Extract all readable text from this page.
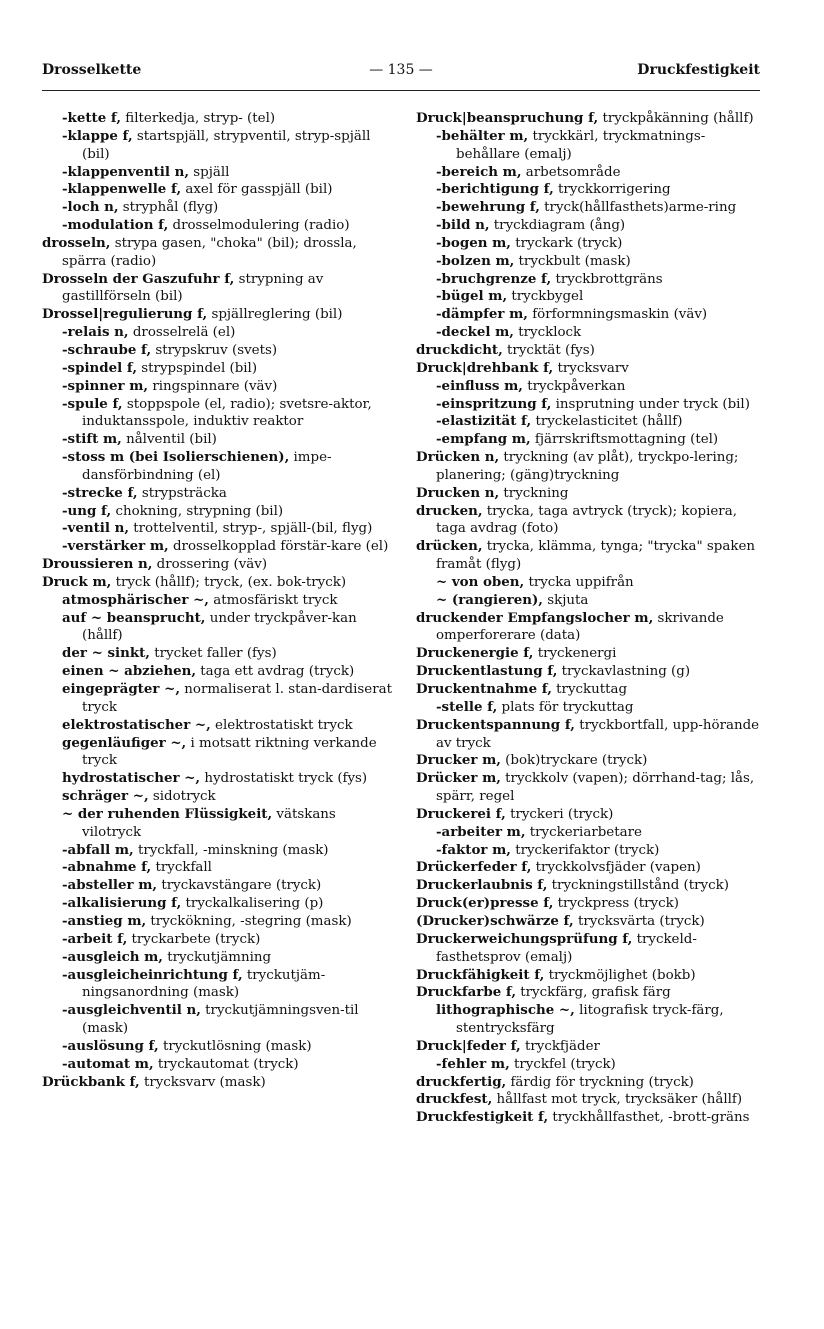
Drosselkette	— 135 —	Druckfestigkeit

-kette f, filterkedja, stryp- (tel)

-klappe f, startspjäll, strypventil, stryp-spjäll (bil)

-klappenventil n, spjäll

-klappenwelle f, axel för gasspjäll (bil)

-loch n, stryphål (flyg)

-modulation f, drosselmodulering (radio)

drosseln, strypa gasen, "choka" (bil); drossla, spärra (radio)

Drosseln der Gaszufuhr f, strypning av gastillförseln (bil)

Drossel|regulierung f, spjällreglering (bil)

-relais n, drosselrelä (el)

-schraube f, strypskruv (svets)

-spindel f, strypspindel (bil)

-spinner m, ringspinnare (väv)

-spule f, stoppspole (el, radio); svetsre-aktor, induktansspole, induktiv reaktor

-stift m, nålventil (bil)

-stoss m (bei Isolierschienen), impe-dansförbindning (el)

-strecke f, strypsträcka

-ung f, chokning, strypning (bil)

-ventil n, trottelventil, stryp-, spjäll-(bil, flyg)

-verstärker m, drosselkopplad förstär-kare (el)

Droussieren n, drossering (väv)

Druck m, tryck (hållf); tryck, (ex. bok-tryck)

atmosphärischer ~, atmosfäriskt tryck

auf ~ beansprucht, under tryckpåver-kan (hållf)

der ~ sinkt, trycket faller (fys)

einen ~ abziehen, taga ett avdrag (tryck)

eingeprägter ~, normaliserat l. stan-dardiserat tryck

elektrostatischer ~, elektrostatiskt tryck

gegenläufiger ~, i motsatt riktning verkande tryck

hydrostatischer ~, hydrostatiskt tryck (fys)

schräger ~, sidotryck

~ der ruhenden Flüssigkeit, vätskans vilotryck

-abfall m, tryckfall, -minskning (mask)

-abnahme f, tryckfall

-absteller m, tryckavstängare (tryck)

-alkalisierung f, tryckalkalisering (p)

-anstieg m, tryckökning, -stegring (mask)

-arbeit f, tryckarbete (tryck)

-ausgleich m, tryckutjämning

-ausgleicheinrichtung f, tryckutjäm-ningsanordning (mask)

-ausgleichventil n, tryckutjämningsven-til (mask)

-auslösung f, tryckutlösning (mask)

-automat m, tryckautomat (tryck)

Drückbank f, trycksvarv (mask)

Druck|beanspruchung f, tryckpåkänning (hållf)

-behälter m, tryckkärl, tryckmatnings-behållare (emalj)

-bereich m, arbetsområde

-berichtigung f, tryckkorrigering

-bewehrung f, tryck(hållfasthets)arme-ring

-bild n, tryckdiagram (ång)

-bogen m, tryckark (tryck)

-bolzen m, tryckbult (mask)

-bruchgrenze f, tryckbrottgräns

-bügel m, tryckbygel

-dämpfer m, förformningsmaskin (väv)

-deckel m, trycklock

druckdicht, trycktät (fys)

Druck|drehbank f, trycksvarv

-einfluss m, tryckpåverkan

-einspritzung f, insprutning under tryck (bil)

-elastizität f, tryckelasticitet (hållf)

-empfang m, fjärrskriftsmottagning (tel)

Drücken n, tryckning (av plåt), tryckpo-lering; planering; (gäng)tryckning

Drucken n, tryckning

drucken, trycka, taga avtryck (tryck); kopiera, taga avdrag (foto)

drücken, trycka, klämma, tynga; "trycka" spaken framåt (flyg)

~ von oben, trycka uppifrån

~ (rangieren), skjuta

druckender Empfangslocher m, skrivande omperforerare (data)

Druckenergie f, tryckenergi

Druckentlastung f, tryckavlastning (g)

Druckentnahme f, tryckuttag

-stelle f, plats för tryckuttag

Druckentspannung f, tryckbortfall, upp-hörande av tryck

Drucker m, (bok)tryckare (tryck)

Drücker m, tryckkolv (vapen); dörrhand-tag; lås, spärr, regel

Druckerei f, tryckeri (tryck)

-arbeiter m, tryckeriarbetare

-faktor m, tryckerifaktor (tryck)

Drückerfeder f, tryckkolvsfjäder (vapen)

Druckerlaubnis f, tryckningstillstånd (tryck)

Druck(er)presse f, tryckpress (tryck)

(Drucker)schwärze f, trycksvärta (tryck)

Druckerweichungsprüfung f, tryckeld-fasthetsprov (emalj)

Druckfähigkeit f, tryckmöjlighet (bokb)

Druckfarbe f, tryckfärg, grafisk färg

lithographische ~, litografisk tryck-färg, stentrycksfärg

Druck|feder f, tryckfjäder

-fehler m, tryckfel (tryck)

druckfertig, färdig för tryckning (tryck)

druckfest, hållfast mot tryck, trycksäker (hållf)

Druckfestigkeit f, tryckhållfasthet, -brott-gräns
